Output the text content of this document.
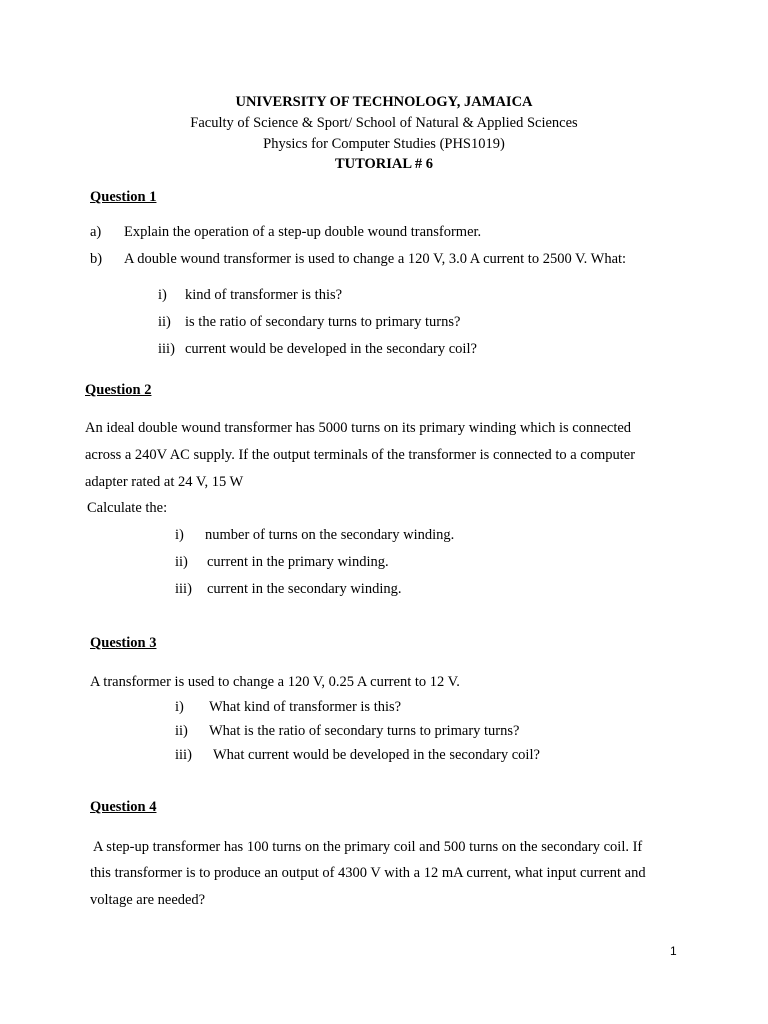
UNIVERSITY OF TECHNOLOGY, JAMAICA
Faculty of Science & Sport/ School of Natural & Applied Sciences
Physics for Computer Studies (PHS1019)
TUTORIAL # 6
Question 1
a) Explain the operation of a step-up double wound transformer.
b) A double wound transformer is used to change a 120 V, 3.0 A current to 2500 V. What:
i) kind of transformer is this?
ii) is the ratio of secondary turns to primary turns?
iii) current would be developed in the secondary coil?
Question 2
An ideal double wound transformer has 5000 turns on its primary winding which is connected
across a 240V AC supply. If the output terminals of the transformer is connected to a computer
adapter rated at 24 V, 15 W
Calculate the:
i) number of turns on the secondary winding.
ii) current in the primary winding.
iii) current in the secondary winding.
Question 3
A transformer is used to change a 120 V, 0.25 A current to 12 V.
i) What kind of transformer is this?
ii) What is the ratio of secondary turns to primary turns?
iii) What current would be developed in the secondary coil?
Question 4
A step-up transformer has 100 turns on the primary coil and 500 turns on the secondary coil. If
this transformer is to produce an output of 4300 V with a 12 mA current, what input current and
voltage are needed?
1
